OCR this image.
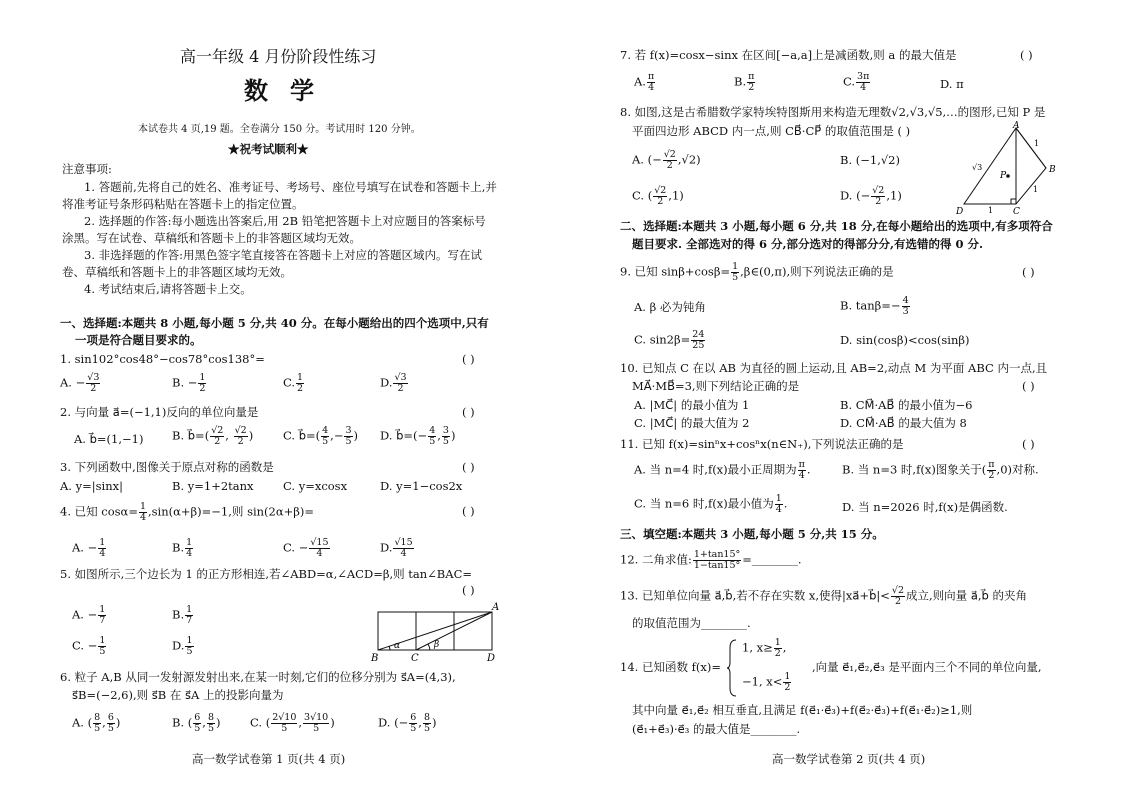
高一年级 4 月份阶段性练习
数学
本试卷共 4 页,19 题。全卷满分 150 分。考试用时 120 分钟。
★祝考试顺利★
注意事项:
1. 答题前,先将自己的姓名、准考证号、考场号、座位号填写在试卷和答题卡上,并
将准考证号条形码粘贴在答题卡上的指定位置。
2. 选择题的作答:每小题选出答案后,用 2B 铅笔把答题卡上对应题目的答案标号
涂黑。写在试卷、草稿纸和答题卡上的非答题区域均无效。
3. 非选择题的作答:用黑色签字笔直接答在答题卡上对应的答题区域内。写在试
卷、草稿纸和答题卡上的非答题区域均无效。
4. 考试结束后,请将答题卡上交。
一、选择题:本题共 8 小题,每小题 5 分,共 40 分。在每小题给出的四个选项中,只有
一项是符合题目要求的。
1. sin102°cos48°−cos78°cos138°=	( )
A. − $\frac{√3}{2}$	B. − $\frac{1}{2}$	C. $\frac{1}{2}$	D. $\frac{√3}{2}$
2. 与向量 a⃗=(−1,1)反向的单位向量是	( )
A. b⃗=(1,−1) B. b⃗=( $\frac{√2}{2}$ , $\frac{√2}{2}$ )	C. b⃗=( $\frac{4}{5}$ ,− $\frac{3}{5}$ ) D. b⃗=(− $\frac{4}{5}$ , $\frac{3}{5}$ )
3. 下列函数中,图像关于原点对称的函数是	( )
A. y=|sinx|	B. y=1+2tanx	C. y=xcosx	D. y=1−cos2x
4. 已知 $\cos\alpha= \frac{1}{4} ,\sin(\alpha+\beta)=-1$,则 sin(2α+β)=	( )
A. − $\frac{1}{4}$	B. $\frac{1}{4}$	C. − $\frac{√15}{4}$	D. $\frac{√15}{4}$
5. 如图所示,三个边长为 1 的正方形相连,若∠ABD=α,∠ACD=β,则 tan∠BAC=
( )
A. − $\frac{1}{7}$	B. $\frac{1}{7}$
C. − $\frac{1}{5}$	D. $\frac{1}{5}$
A
B	C	D
α	β
6. 粒子 A,B 从同一发射源发射出来,在某一时刻,它们的位移分别为 s⃗A=(4,3),
s⃗B=(−2,6),则 s⃗B 在 s⃗A 上的投影向量为
A. ( $\frac{8}{5}$ , $\frac{6}{5}$ )	B. ( $\frac{6}{5}$ , $\frac{8}{5}$ )	C. ( $\frac{2√10}{5}$ , $\frac{3√10}{5}$ )	D. (− $\frac{6}{5}$ , $\frac{8}{5}$ )
高一数学试卷第 1 页(共 4 页)
7. 若 f(x)=cosx−sinx 在区间[−a,a]上是减函数,则 a 的最大值是	( )
A. $\frac{\pi}{4}$	B. $\frac{\pi}{2}$	C. $\frac{3\pi}{4}$	D. π
8. 如图,这是古希腊数学家特埃特图斯用来构造无理数√2,√3,√5,…的图形,已知 P 是
平面四边形 ABCD 内一点,则 CB⃗·CP⃗ 的取值范围是 ( )
A. (− $\frac{√2}{2} ,√2$)	B. (−1,√2)
C. ( $\frac{√2}{2} ,1$)	D. (− $\frac{√2}{2} ,1$)
A
B
C
D
P
1
1
1
√3
二、选择题:本题共 3 小题,每小题 6 分,共 18 分,在每小题给出的选项中,有多项符合
题目要求. 全部选对的得 6 分,部分选对的得部分分,有选错的得 0 分.
9. 已知 $\sin\beta+\cos\beta= \frac{1}{5}$ ,β∈(0,π),则下列说法正确的是	( )
A. β 必为钝角	B. $\tan\beta=- \frac{4}{3}$
C. $\sin 2\beta= \frac{24}{25}$	D. sin(cosβ)<cos(sinβ)
10. 已知点 C 在以 AB 为直径的圆上运动,且 AB=2,动点 M 为平面 ABC 内一点,且
MA⃗·MB⃗=3,则下列结论正确的是	( )
A. |MC⃗| 的最小值为 1	B. CM⃗·AB⃗ 的最小值为−6
C. |MC⃗| 的最大值为 2	D. CM⃗·AB⃗ 的最大值为 8
11. 已知 f(x)=sinⁿx+cosⁿx(n∈N₊),下列说法正确的是	( )
A. 当 n=4 时,f(x)最小正周期为 $\frac{\pi}{4}$ .	B. 当 n=3 时,f(x)图象关于( $\frac{\pi}{2} ,0$)对称.
C. 当 n=6 时,f(x)最小值为 $\frac{1}{4}$ .	D. 当 n=2026 时,f(x)是偶函数.
三、填空题:本题共 3 小题,每小题 5 分,共 15 分。
12. 二角求值: $\frac{1+\tan 15^\circ}{1-\tan 15^\circ}$ =________.
13. 已知单位向量 a⃗,b⃗,若不存在实数 x,使得|xa⃗+b⃗|< $\frac{√2}{2}$ 成立,则向量 a⃗,b⃗ 的夹角
的取值范围为________.
14. 已知函数 f(x)=
1, $x\ge \frac{1}{2}$ ,
−1, $x< \frac{1}{2}$
,向量 e⃗₁,e⃗₂,e⃗₃ 是平面内三个不同的单位向量,
其中向量 e⃗₁,e⃗₂ 相互垂直,且满足 f(e⃗₁·e⃗₃)+f(e⃗₂·e⃗₃)+f(e⃗₁·e⃗₂)≥1,则
(e⃗₁+e⃗₃)·e⃗₃ 的最大值是________.
高一数学试卷第 2 页(共 4 页)
